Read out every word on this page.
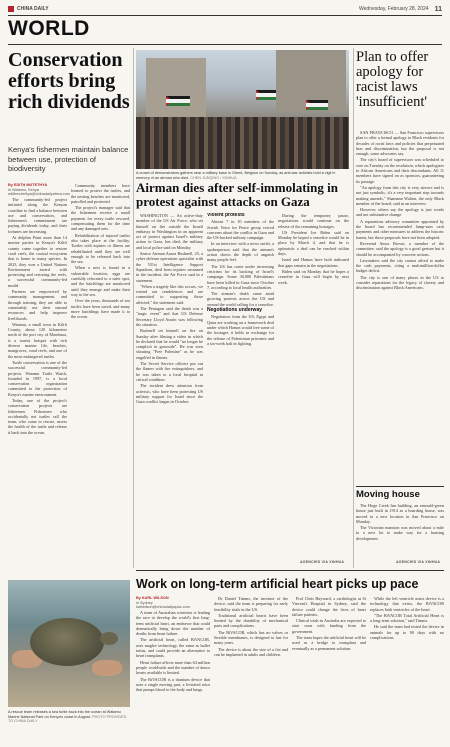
CHINA DAILY	Wednesday, February 28, 2024 11
WORLD
Conservation efforts bring rich dividends
Kenya's fishermen maintain balance between use, protection of biodiversity
By EDITH MUTETHYA
in Watamu, Kenya
edithmutethya@chinadailyafrica.com

The community-led project initiated along the Kenyan coastline to find a balance between use and conservation, and fishermen's commitment are paying dividends today, and their fortunes are increasing.

At dolphin Point more than 14 marine parties in Kenya's Kilifi county came together to restore coral reefs, the coastal ecosystem that is home to many species. In 2023, they won a United Nations Environment award with protecting and restoring the reefs, a successful community-led model.

Partners are empowered by community management, and through training, they are able to sustainably use their natural resources and help improve livelihoods.

Watamu, a small town in Kilifi County, about 120 kilometers north of the port city of Mombasa, is a tourist hotspot with rich diverse marine life, beaches, mangroves, coral reefs, and one of the most endangered turtles.

Turtle conservation is one of the successful community-led projects. Watamu Turtle Watch, founded in 1997, is a local conservation organization committed to the protection of Kenya's marine environment.

Today, one of the project's conservation projects are fishermen. Fishermen who accidentally net turtles call the team, who come to rescue, assess the health of the turtle and release it back into the ocean.

Community members have learned to protect the turtles, and the nesting beaches are monitored, patrolled and protected.

The project's manager said that the fishermen receive a small payment for every turtle rescued, compensating them for the time and any damaged nets.

Rehabilitation of injured turtles also takes place at the facility. Turtles with injuries or illness are rehabilitated until they are well enough to be released back into the sea.

When a nest is found in a vulnerable location, eggs are carefully relocated to a safer spot, and the hatchlings are monitored until they emerge and make their way to the sea.

Over the years, thousands of sea turtles have been saved, and many more hatchlings have made it to the ocean.

A rescue team releases a sea turtle back into the ocean at Watamu Marine National Park on Kenya's coast in August. PHOTO PROVIDED TO CHINA DAILY
A crowd of demonstrators gathers near a military base in Ghent, Belgium on Sunday, as anti-war activists hold a vigil in memory of an airman who died. CHEN JUNQING / XINHUA
Airman dies after self-immolating in protest against attacks on Gaza

WASHINGTON — An active-duty member of the US Air Force, who set himself on fire outside the Israeli embassy in Washington in an apparent act of protest against Israel's military action in Gaza, has died, the military and local police said on Monday.

Senior Airman Aaron Bushnell, 25, a cyber defense operations specialist with the 531st Intelligence Support Squadron, died from injuries sustained in the incident, the Air Force said in a statement.

"When a tragedy like this occurs, we extend our condolences and are committed to supporting those affected," the statement said.

The Pentagon said the death was a "tragic event" and that US Defense Secretary Lloyd Austin was following the situation.

Bushnell set himself on fire on Sunday after filming a video in which he declared that he would "no longer be complicit in genocide". He was seen shouting "Free Palestine" as he was engulfed in flames.

The Secret Service officers put out the flames with fire extinguishers, and he was taken to a local hospital in critical condition.

The incident drew attention from activists, who have been protesting US military support for Israel since the Gaza conflict began in October.

Violent protests

Almost 7 in 10 members of the Jewish Voice for Peace group voiced concerns about the conflict in Gaza and the US-backed military campaign.

In an interview with a news outlet, a spokesperson said that the airman's action shows the depth of anguish many people feel.

The US has come under increasing criticism for its backing of Israel's campaign. Some 30,000 Palestinians have been killed in Gaza since October 7, according to local health authorities.

The airman's death came amid growing protests across the US and around the world calling for a ceasefire.

Negotiations underway

Negotiators from the US, Egypt and Qatar are working on a framework deal under which Hamas would free some of the hostages it holds in exchange for the release of Palestinian prisoners and a six-week halt in fighting.

During the temporary pause, negotiations would continue on the release of the remaining hostages.

US President Joe Biden said on Monday he hoped a ceasefire would be in place by March 4, and that he is optimistic a deal can be reached within days.

Israel and Hamas have both indicated that gaps remain in the negotiations.

Biden said on Monday that he hopes a ceasefire in Gaza will begin by next week.

AGENCIES VIA XINHUA
Plan to offer apology for racist laws 'insufficient'

SAN FRANCISCO — San Francisco supervisors plan to offer a formal apology to Black residents for decades of racist laws and policies that perpetuated bias and discrimination, but the proposal is not enough, some advocates say.

The city's board of supervisors was scheduled to vote on Tuesday on the resolution, which apologizes to African Americans and their descendants. All 11 members have signed on as sponsors, guaranteeing its passage.

"An apology from this city is very sincere and is not just symbolic, it's a very important step towards making amends," Shamann Walton, the only Black member of the board, said in an interview.

However, others say the apology is just words and not substantive change.

A reparations advisory committee appointed by the board has recommended lump-sum cash payments and other measures to address the historic harms, but those proposals have not been adopted.

Reverend Amos Brown, a member of the committee, said the apology is a good gesture but it should be accompanied by concrete actions.

Lawmakers said the city cannot afford to make the cash payments, citing a multimillion-dollar budget deficit.

The city is one of many places in the US to consider reparations for the legacy of slavery and discrimination against Black Americans.

Moving house

The Hoge Creek Inn building, an emerald-green house just built in 1914 as a boarding house, was moved to a new location in San Francisco on Monday.

The Victorian mansion was moved about a mile to a new lot to make way for a housing development.

AGENCIES VIA XINHUA
Work on long-term artificial heart picks up pace
By KARL WILSON
in Sydney
karlwilson@chinadailyapac.com

A team of Australian scientists is leading the race to develop the world's first long-term artificial heart, an endeavor that could dramatically bring down the number of deaths from heart failure.

The artificial heart, called BiVACOR, uses maglev technology, the same as bullet trains, and could provide an alternative to heart transplants.

Heart failure affects more than 64 million people worldwide and the number of donor hearts available is limited.

The BiVACOR is a titanium device that uses a single moving part, a levitated rotor that pumps blood to the body and lungs.

Dr Daniel Timms, the inventor of the device, said the team is preparing for early feasibility trials in the US.

Traditional artificial hearts have been limited by the durability of mechanical parts and complications.

The BiVACOR, which has no valves or flexible membranes, is designed to last for many years.

The device is about the size of a fist and can be implanted in adults and children.

Prof Chris Hayward, a cardiologist at St Vincent's Hospital in Sydney, said the device could change the lives of heart failure patients.

Clinical trials in Australia are expected to start soon with funding from the government.

The team hopes the artificial heart will be used as a bridge to transplant and eventually as a permanent solution.

While the left ventricle assist device is a technology that exists, the BiVACOR replaces both ventricles of the heart.

"The BiVACOR Total Artificial Heart is a long-term solution," said Timms.

He said the team had tested the device in animals for up to 90 days with no complications.
